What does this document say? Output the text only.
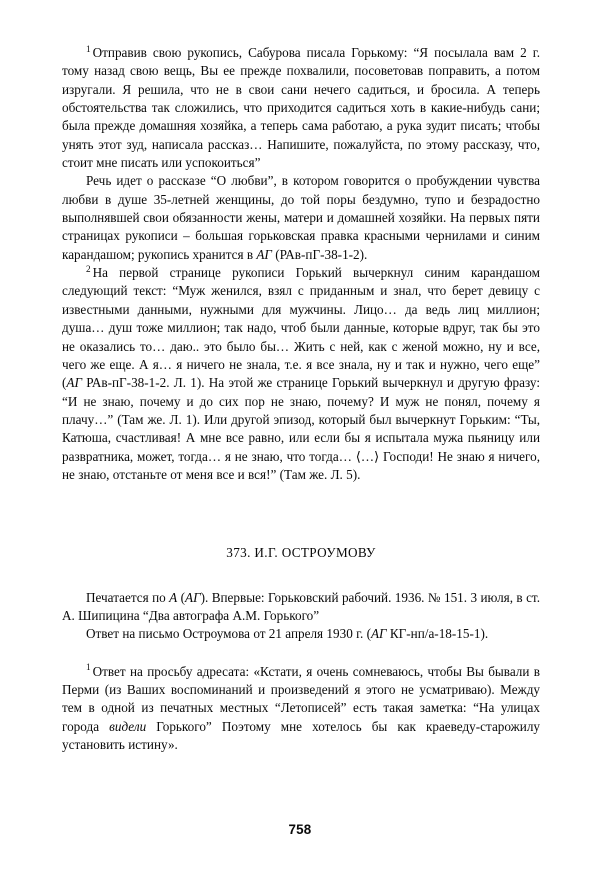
$^1$ Отправив свою рукопись, Сабурова писала Горькому: “Я посылала вам 2 г. тому назад свою вещь, Вы ее прежде похвалили, посоветовав поправить, а потом изругали. Я решила, что не в свои сани нечего садиться, и бросила. А теперь обстоятельства так сложились, что приходится садиться хоть в какие-нибудь сани; была прежде домашняя хозяйка, а теперь сама работаю, а рука зудит писать; чтобы унять этот зуд, написала рассказ… Напишите, пожалуйста, по этому рассказу, что, стоит мне писать или успокоиться”

Речь идет о рассказе “О любви”, в котором говорится о пробуждении чувства любви в душе 35-летней женщины, до той поры бездумно, тупо и безрадостно выполнявшей свои обязанности жены, матери и домашней хозяйки. На первых пяти страницах рукописи – большая горьковская правка красными чернилами и синим карандашом; рукопись хранится в АГ (РАв-пГ-38-1-2).

$^2$ На первой странице рукописи Горький вычеркнул синим карандашом следующий текст: “Муж женился, взял с приданным и знал, что берет девицу с известными данными, нужными для мужчины. Лицо… да ведь лиц миллион; душа… душ тоже миллион; так надо, чтоб были данные, которые вдруг, так бы это не оказались то… даю.. это было бы… Жить с ней, как с женой можно, ну и все, чего же еще. А я… я ничего не знала, т.е. я все знала, ну и так и нужно, чего еще” (АГ РАв-пГ-38-1-2. Л. 1). На этой же странице Горький вычеркнул и другую фразу: “И не знаю, почему и до сих пор не знаю, почему? И муж не понял, почему я плачу…” (Там же. Л. 1). Или другой эпизод, который был вычеркнут Горьким: “Ты, Катюша, счастливая! А мне все равно, или если бы я испытала мужа пьяницу или развратника, может, тогда… я не знаю, что тогда… ⟨…⟩ Господи! Не знаю я ничего, не знаю, отстаньте от меня все и вся!” (Там же. Л. 5).

373. И.Г. ОСТРОУМОВУ

Печатается по А (АГ). Впервые: Горьковский рабочий. 1936. № 151. 3 июля, в ст. А. Шипицина “Два автографа А.М. Горького”

Ответ на письмо Остроумова от 21 апреля 1930 г. (АГ КГ-нп/а-18-15-1).

$^1$ Ответ на просьбу адресата: «Кстати, я очень сомневаюсь, чтобы Вы бывали в Перми (из Ваших воспоминаний и произведений я этого не усматриваю). Между тем в одной из печатных местных “Летописей” есть такая заметка: “На улицах города видели Горького” Поэтому мне хотелось бы как краеведу-старожилу установить истину».

758
